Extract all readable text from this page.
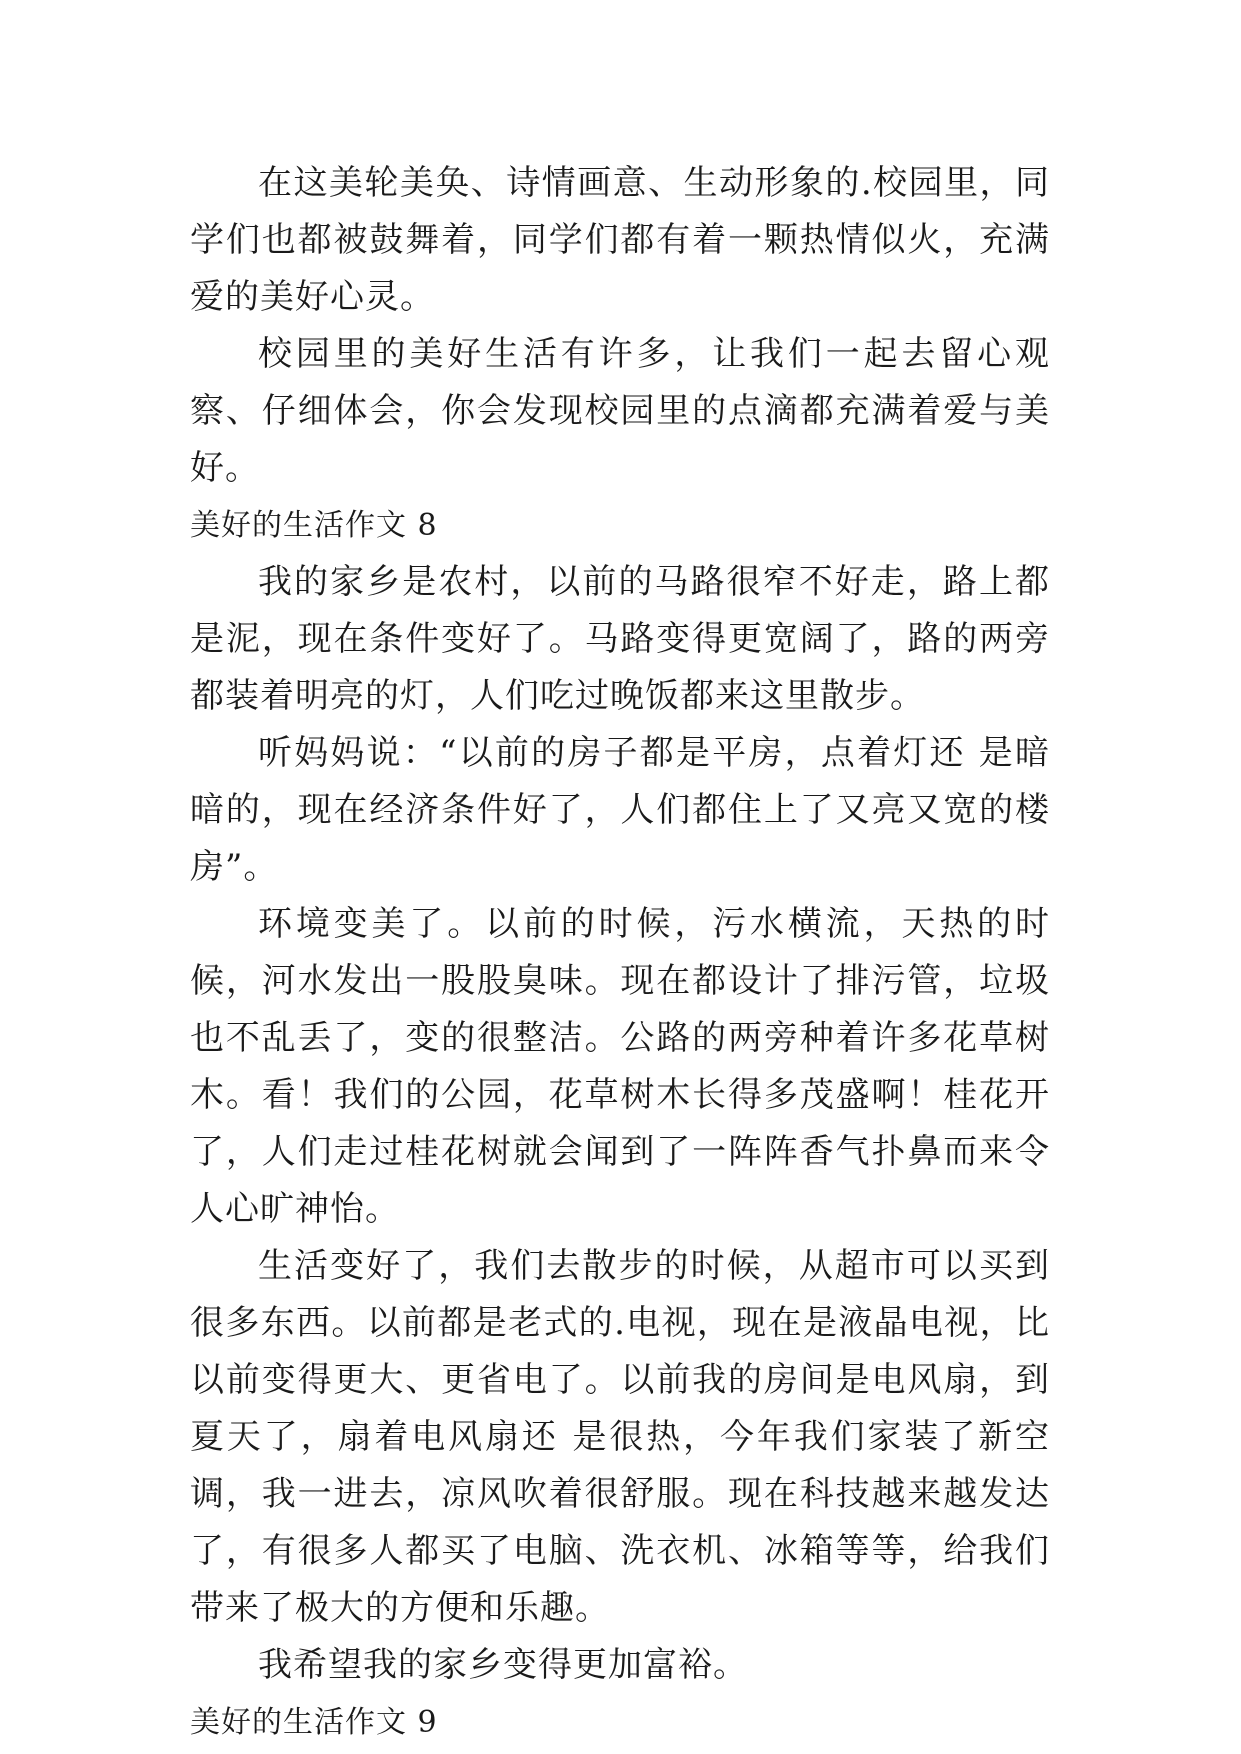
在这美轮美奂、诗情画意、生动形象的.校园里，同学们也都被鼓舞着，同学们都有着一颗热情似火，充满爱的美好心灵。

校园里的美好生活有许多，让我们一起去留心观察、仔细体会，你会发现校园里的点滴都充满着爱与美好。

美好的生活作文 8

我的家乡是农村，以前的马路很窄不好走，路上都是泥，现在条件变好了。马路变得更宽阔了，路的两旁都装着明亮的灯，人们吃过晚饭都来这里散步。

听妈妈说：“以前的房子都是平房，点着灯还 是暗暗的，现在经济条件好了，人们都住上了又亮又宽的楼房”。

环境变美了。以前的时候，污水横流，天热的时候，河水发出一股股臭味。现在都设计了排污管，垃圾也不乱丢了，变的很整洁。公路的两旁种着许多花草树木。看！我们的公园，花草树木长得多茂盛啊！桂花开了，人们走过桂花树就会闻到了一阵阵香气扑鼻而来令人心旷神怡。

生活变好了，我们去散步的时候，从超市可以买到很多东西。以前都是老式的.电视，现在是液晶电视，比以前变得更大、更省电了。以前我的房间是电风扇，到夏天了，扇着电风扇还 是很热，今年我们家装了新空调，我一进去，凉风吹着很舒服。现在科技越来越发达了，有很多人都买了电脑、洗衣机、冰箱等等，给我们带来了极大的方便和乐趣。

我希望我的家乡变得更加富裕。

美好的生活作文 9
